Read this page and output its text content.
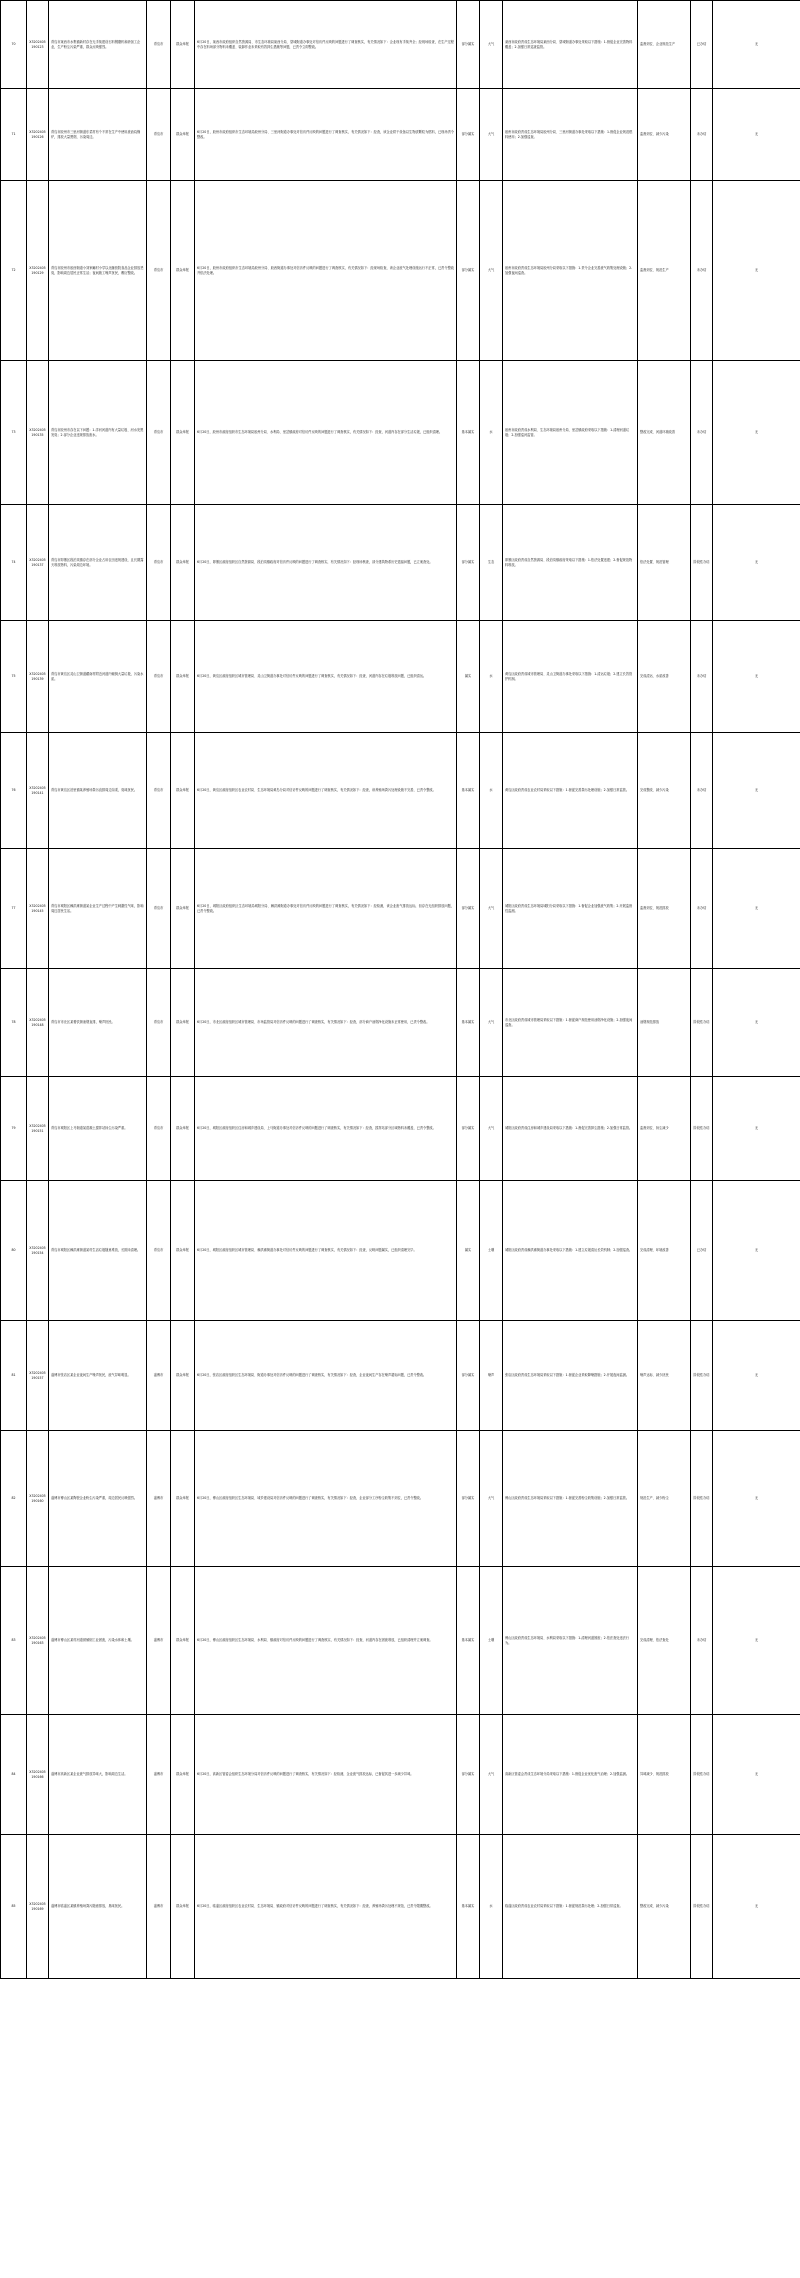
70	X3202405190123	青岛市莱西市水集镇新村存在无手续建设石料钢磨机和砂加工企业，生产粉尘污染严重，群众反映强烈。	青岛市	群众举报	6月20日，莱西市政府组织自然资源局、市生态环境局莱西分局、望城街道办事处对信访件反映的问题进行了调查核实，有关情况如下：企业现有手续齐全；经现场检查，在生产过程中存在料场部分物料未覆盖、装卸作业未采取有效抑尘措施等问题，已责令立即整改。	部分属实	大气	莱西市政府责成生态环境局莱西分局、望城街道办事处采取以下措施：1.督促企业完善物料覆盖；2.加强日常巡查监管。	监督到位、企业规范生产	已办结	无
71	X3202405190126	青岛市胶州市三里河街道东菜村有个不常在生产中使用废油烧锅炉，排放大量黑烟，污染周边。	青岛市	群众举报	6月20日，胶州市政府组织市生态环境局胶州分局、三里河街道办事处对信访件反映的问题进行了调查核实，有关情况如下：经查，该企业烘干设备以生物质颗粒为燃料，已现场责令整改。	部分属实	大气	胶州市政府责成生态环境局胶州分局、三里河街道办事处采取以下措施：1.督促企业规范燃料使用；2.加强巡查。	监督到位、减少污染	未办结	无
72	X3202405190129	青岛市胶州市胶西街道小刘家疃村小学以北藤营院食品企业排放恶臭，影响周边居民正常生活；夜间施工噪声扰民，敷衍整改。	青岛市	群众举报	6月20日，胶州市政府组织市生态环境局胶州分局、胶西街道办事处对信访件反映的问题进行了调查核实，有关情况如下：经现场检查，该企业废气处理设施运行不正常，已责令整改并依法处理。	部分属实	大气	胶州市政府责成生态环境局胶州分局采取以下措施：1.责令企业完善废气收集处理设施；2.加强夜间巡查。	监督到位、规范生产	未办结	无
73	X3202405190135	青岛市胶州市存在以下问题：1.洋河河道内有大量垃圾、河水发黑发臭；2.部分企业违规排放废水。	青岛市	群众举报	6月20日，胶州市政府组织市生态环境局胶州分局、水利局、里岔镇政府对信访件反映的问题进行了调查核实，有关情况如下：经查，河道内存在部分生活垃圾，已组织清理。	基本属实	水	胶州市政府责成水利局、生态环境局胶州分局、里岔镇政府采取以下措施：1.清理河道垃圾；2.加强巡河监管。	整改完成、河道环境改善	未办结	无
74	X3202405190137	青岛市即墨区段泊岚镇存在部分企业占用农田违规建设，且长期露天堆放物料，污染周边环境。	青岛市	群众举报	6月20日，即墨区政府组织区自然资源局、段泊岚镇政府对信访件反映的问题进行了调查核实，有关情况如下：经现场核查，部分建筑物系历史遗留问题，已立案查处。	部分属实	生态	即墨区政府责成自然资源局、段泊岚镇政府采取以下措施：1.依法处置违建；2.督促规范物料堆放。	依法处置、规范管理	阶段性办结	无
75	X3202405190139	青岛市黄岛区灵山卫街道藏南村附近河道内倾倒大量垃圾，污染水质。	青岛市	群众举报	6月20日，黄岛区政府组织区城市管理局、灵山卫街道办事处对信访件反映的问题进行了调查核实，有关情况如下：经查，河道内存在垃圾堆放问题，已组织清运。	属实	水	黄岛区政府责成城市管理局、灵山卫街道办事处采取以下措施：1.清运垃圾；2.建立长效管护机制。	完成清运、水质改善	未办结	无
76	X3202405190141	青岛市黄岛区泊里镇某养殖场粪污直排周边沟渠，臭味扰民。	青岛市	群众举报	6月20日，黄岛区政府组织区农业农村局、生态环境局黄岛分局对信访件反映的问题进行了调查核实，有关情况如下：经查，该养殖场粪污处理设施不完善，已责令整改。	基本属实	水	黄岛区政府责成农业农村局采取以下措施：1.督促完善粪污处理设施；2.加强日常监管。	完成整改、减少污染	未办结	无
77	X3202405190145	青岛市城阳区棘洪滩街道某企业生产过程中产生刺激性气味，影响周边居民生活。	青岛市	群众举报	6月20日，城阳区政府组织区生态环境局城阳分局、棘洪滩街道办事处对信访件反映的问题进行了调查核实，有关情况如下：经检测，该企业废气排放达标，但存在无组织排放问题，已责令整改。	部分属实	大气	城阳区政府责成生态环境局城阳分局采取以下措施：1.督促企业加强废气收集；2.开展监督性监测。	监督到位、规范排放	未办结	无
78	X3202405190148	青岛市市北区某餐饮街油烟直排，噪声扰民。	青岛市	群众举报	6月20日，市北区政府组织区城市管理局、市场监管局对信访件反映的问题进行了调查核实，有关情况如下：经查，部分商户油烟净化设施未正常使用，已责令整改。	基本属实	大气	市北区政府责成城市管理局采取以下措施：1.督促商户规范使用油烟净化设施；2.加强夜间巡查。	油烟规范排放	阶段性办结	无
79	X3202405190151	青岛市城阳区上马街道某混凝土搅拌站扬尘污染严重。	青岛市	群众举报	6月20日，城阳区政府组织区住房和城乡建设局、上马街道办事处对信访件反映的问题进行了调查核实，有关情况如下：经查，搅拌站部分区域物料未覆盖，已责令整改。	部分属实	大气	城阳区政府责成住房和城乡建设局采取以下措施：1.督促完善抑尘措施；2.加强日常监管。	监督到位、扬尘减少	阶段性办结	无
80	X3202405190154	青岛市城阳区棘洪滩街道某村生活垃圾随意堆放，长期未清理。	青岛市	群众举报	6月20日，城阳区政府组织区城市管理局、棘洪滩街道办事处对信访件反映的问题进行了调查核实，有关情况如下：经查，反映问题属实，已组织清理完毕。	属实	土壤	城阳区政府责成棘洪滩街道办事处采取以下措施：1.建立垃圾清运长效机制；2.加强巡查。	完成清理、环境改善	已办结	无
81	X3202405190157	淄博市张店区某企业夜间生产噪声扰民，废气异味明显。	淄博市	群众举报	6月20日，张店区政府组织区生态环境局、街道办事处对信访件反映的问题进行了调查核实，有关情况如下：经查，企业夜间生产存在噪声超标问题，已责令整改。	部分属实	噪声	张店区政府责成生态环境局采取以下措施：1.督促企业采取降噪措施；2.开展夜间监测。	噪声达标、减少扰民	阶段性办结	无
82	X3202405190160	淄博市博山区某陶瓷企业粉尘污染严重，周边居民反映强烈。	淄博市	群众举报	6月20日，博山区政府组织区生态环境局、城乡建设局对信访件反映的问题进行了调查核实，有关情况如下：经查，企业部分工序粉尘收集不到位，已责令整改。	部分属实	大气	博山区政府责成生态环境局采取以下措施：1.督促完善粉尘收集设施；2.加强日常监管。	规范生产、减少粉尘	阶段性办结	无
83	X3202405190163	淄博市博山区某村河道被倾倒工业固废，污染水体和土壤。	淄博市	群众举报	6月20日，博山区政府组织区生态环境局、水利局、镇政府对信访件反映的问题进行了调查核实，有关情况如下：经查，河道内存在固废堆放，已组织清理并立案调查。	基本属实	土壤	博山区政府责成生态环境局、水利局采取以下措施：1.清理河道固废；2.依法查处违法行为。	完成清理、依法查处	未办结	无
84	X3202405190166	淄博市高新区某企业废气排放异味大，影响周边生活。	淄博市	群众举报	6月20日，高新区管委会组织生态环境分局对信访件反映的问题进行了调查核实，有关情况如下：经检测，企业废气排放达标，已督促其进一步减少异味。	部分属实	大气	高新区管委会责成生态环境分局采取以下措施：1.督促企业优化废气治理；2.加强监测。	异味减少、规范排放	阶段性办结	无
85	X3202405190169	淄博市临淄区某镇养殖场粪污随意排放，臭味扰民。	淄博市	群众举报	6月20日，临淄区政府组织区农业农村局、生态环境局、镇政府对信访件反映的问题进行了调查核实，有关情况如下：经查，养殖场粪污处理不规范，已责令限期整改。	基本属实	水	临淄区政府责成农业农村局采取以下措施：1.督促规范粪污处理；2.加强日常巡查。	整改完成、减少污染	阶段性办结	无
